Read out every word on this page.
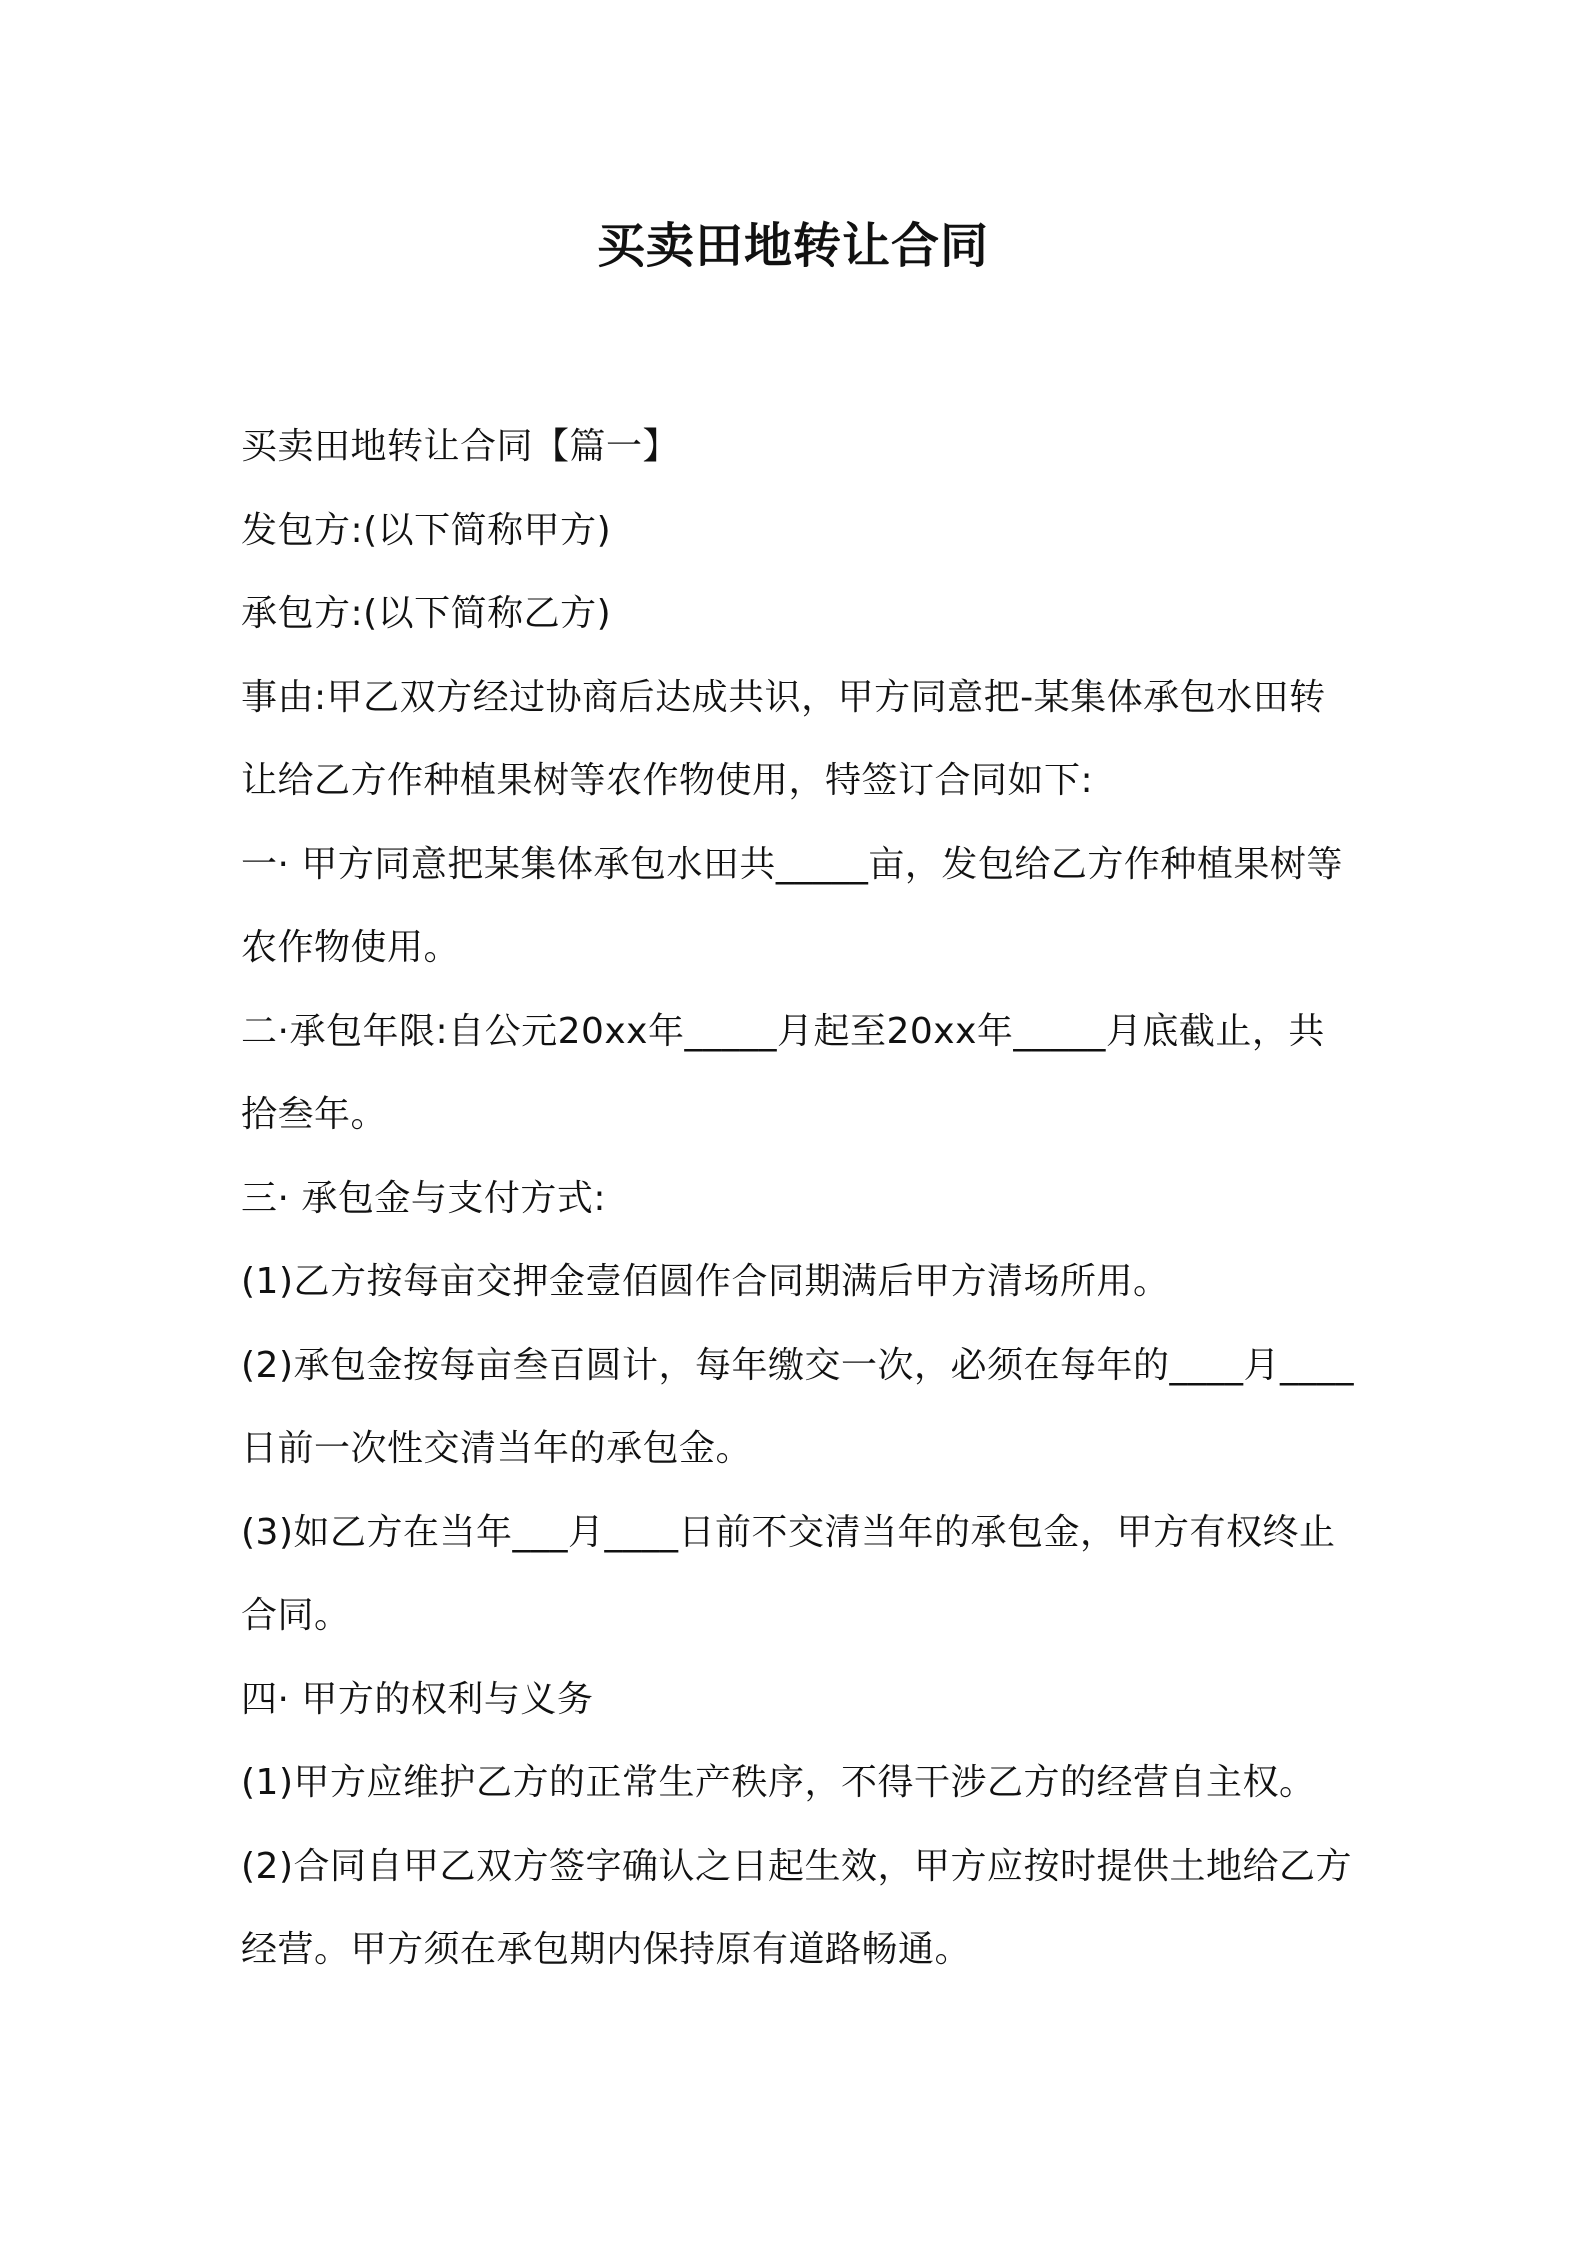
买卖田地转让合同

买卖田地转让合同【篇一】

发包方:(以下简称甲方)

承包方:(以下简称乙方)

事由:甲乙双方经过协商后达成共识，甲方同意把-某集体承包水田转让给乙方作种植果树等农作物使用，特签订合同如下:

一· 甲方同意把某集体承包水田共_____亩，发包给乙方作种植果树等农作物使用。

二·承包年限:自公元20xx年_____月起至20xx年_____月底截止，共拾叁年。

三· 承包金与支付方式:

(1)乙方按每亩交押金壹佰圆作合同期满后甲方清场所用。

(2)承包金按每亩叁百圆计，每年缴交一次，必须在每年的____月____日前一次性交清当年的承包金。

(3)如乙方在当年___月____日前不交清当年的承包金，甲方有权终止合同。

四· 甲方的权利与义务

(1)甲方应维护乙方的正常生产秩序，不得干涉乙方的经营自主权。

(2)合同自甲乙双方签字确认之日起生效，甲方应按时提供土地给乙方经营。甲方须在承包期内保持原有道路畅通。
